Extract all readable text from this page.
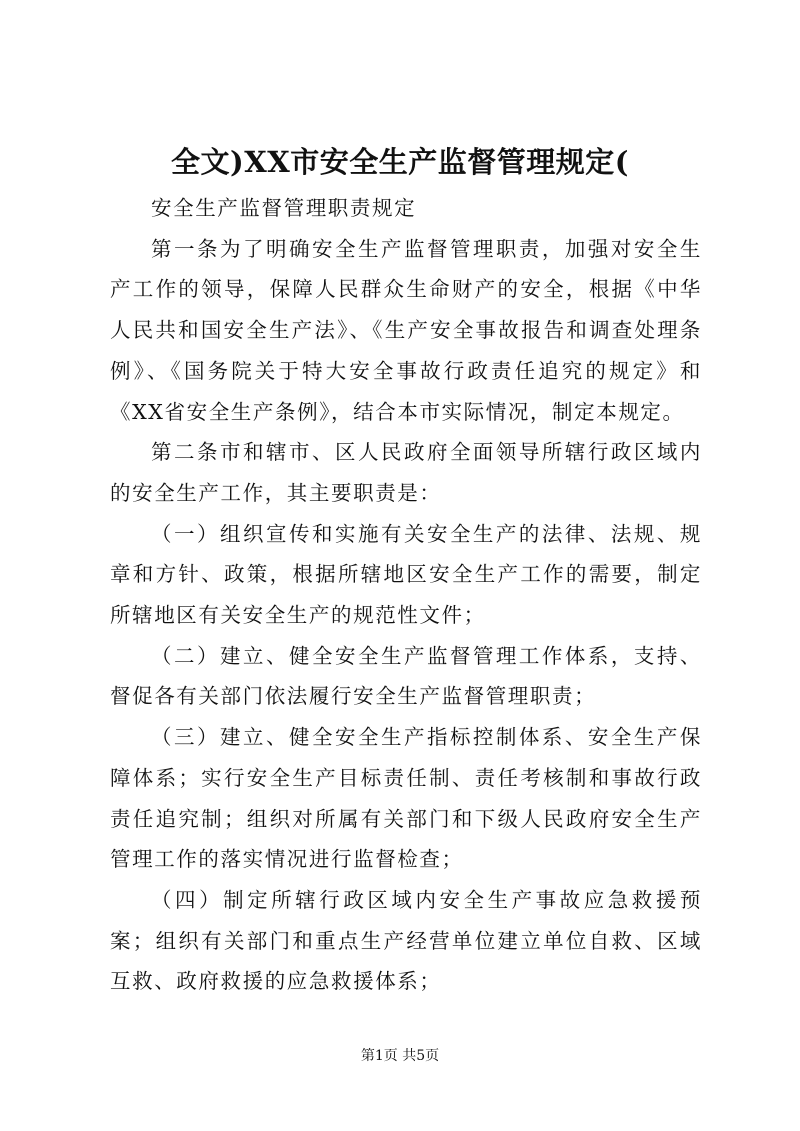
全文)XX市安全生产监督管理规定(

安全生产监督管理职责规定

第一条为了明确安全生产监督管理职责，加强对安全生产工作的领导，保障人民群众生命财产的安全，根据《中华人民共和国安全生产法》、《生产安全事故报告和调查处理条例》、《国务院关于特大安全事故行政责任追究的规定》和《XX省安全生产条例》，结合本市实际情况，制定本规定。

第二条市和辖市、区人民政府全面领导所辖行政区域内的安全生产工作，其主要职责是：

（一）组织宣传和实施有关安全生产的法律、法规、规章和方针、政策，根据所辖地区安全生产工作的需要，制定所辖地区有关安全生产的规范性文件；

（二）建立、健全安全生产监督管理工作体系，支持、督促各有关部门依法履行安全生产监督管理职责；

（三）建立、健全安全生产指标控制体系、安全生产保障体系；实行安全生产目标责任制、责任考核制和事故行政责任追究制；组织对所属有关部门和下级人民政府安全生产管理工作的落实情况进行监督检查；

（四）制定所辖行政区域内安全生产事故应急救援预案；组织有关部门和重点生产经营单位建立单位自救、区域互救、政府救援的应急救援体系；

第1页 共5页
